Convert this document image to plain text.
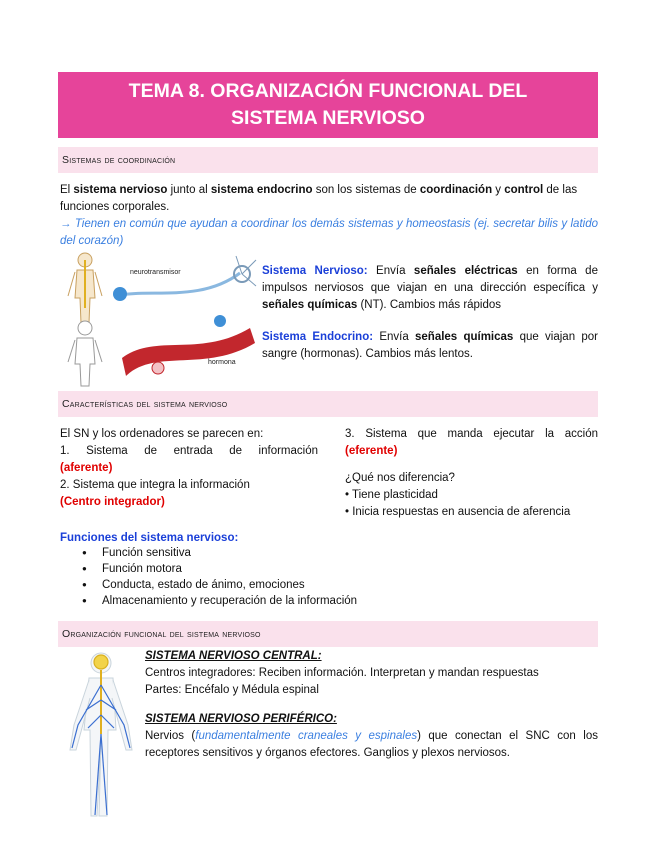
TEMA 8. ORGANIZACIÓN FUNCIONAL DEL
SISTEMA NERVIOSO
Sistemas de coordinación
El sistema nervioso junto al sistema endocrino son los sistemas de coordinación y control de las funciones corporales.
→ Tienen en común que ayudan a coordinar los demás sistemas y homeostasis (ej. secretar bilis y latido del corazón)
neurotransmisor
hormona
Sistema Nervioso: Envía señales eléctricas en forma de impulsos nerviosos que viajan en una dirección específica y señales químicas (NT). Cambios más rápidos
Sistema Endocrino: Envía señales químicas que viajan por sangre (hormonas). Cambios más lentos.
Características del sistema nervioso
El SN y los ordenadores se parecen en:
1. Sistema de entrada de información
(aferente)
2. Sistema que integra la información
(Centro integrador)
3. Sistema que manda ejecutar la acción
(eferente)
¿Qué nos diferencia?
• Tiene plasticidad
• Inicia respuestas en ausencia de aferencia
Funciones del sistema nervioso:
● Función sensitiva
● Función motora
● Conducta, estado de ánimo, emociones
● Almacenamiento y recuperación de la información
Organización funcional del sistema nervioso
SISTEMA NERVIOSO CENTRAL:
Centros integradores: Reciben información. Interpretan y mandan respuestas
Partes: Encéfalo y Médula espinal
SISTEMA NERVIOSO PERIFÉRICO:
Nervios (fundamentalmente craneales y espinales) que conectan el SNC con los receptores sensitivos y órganos efectores. Ganglios y plexos nerviosos.
